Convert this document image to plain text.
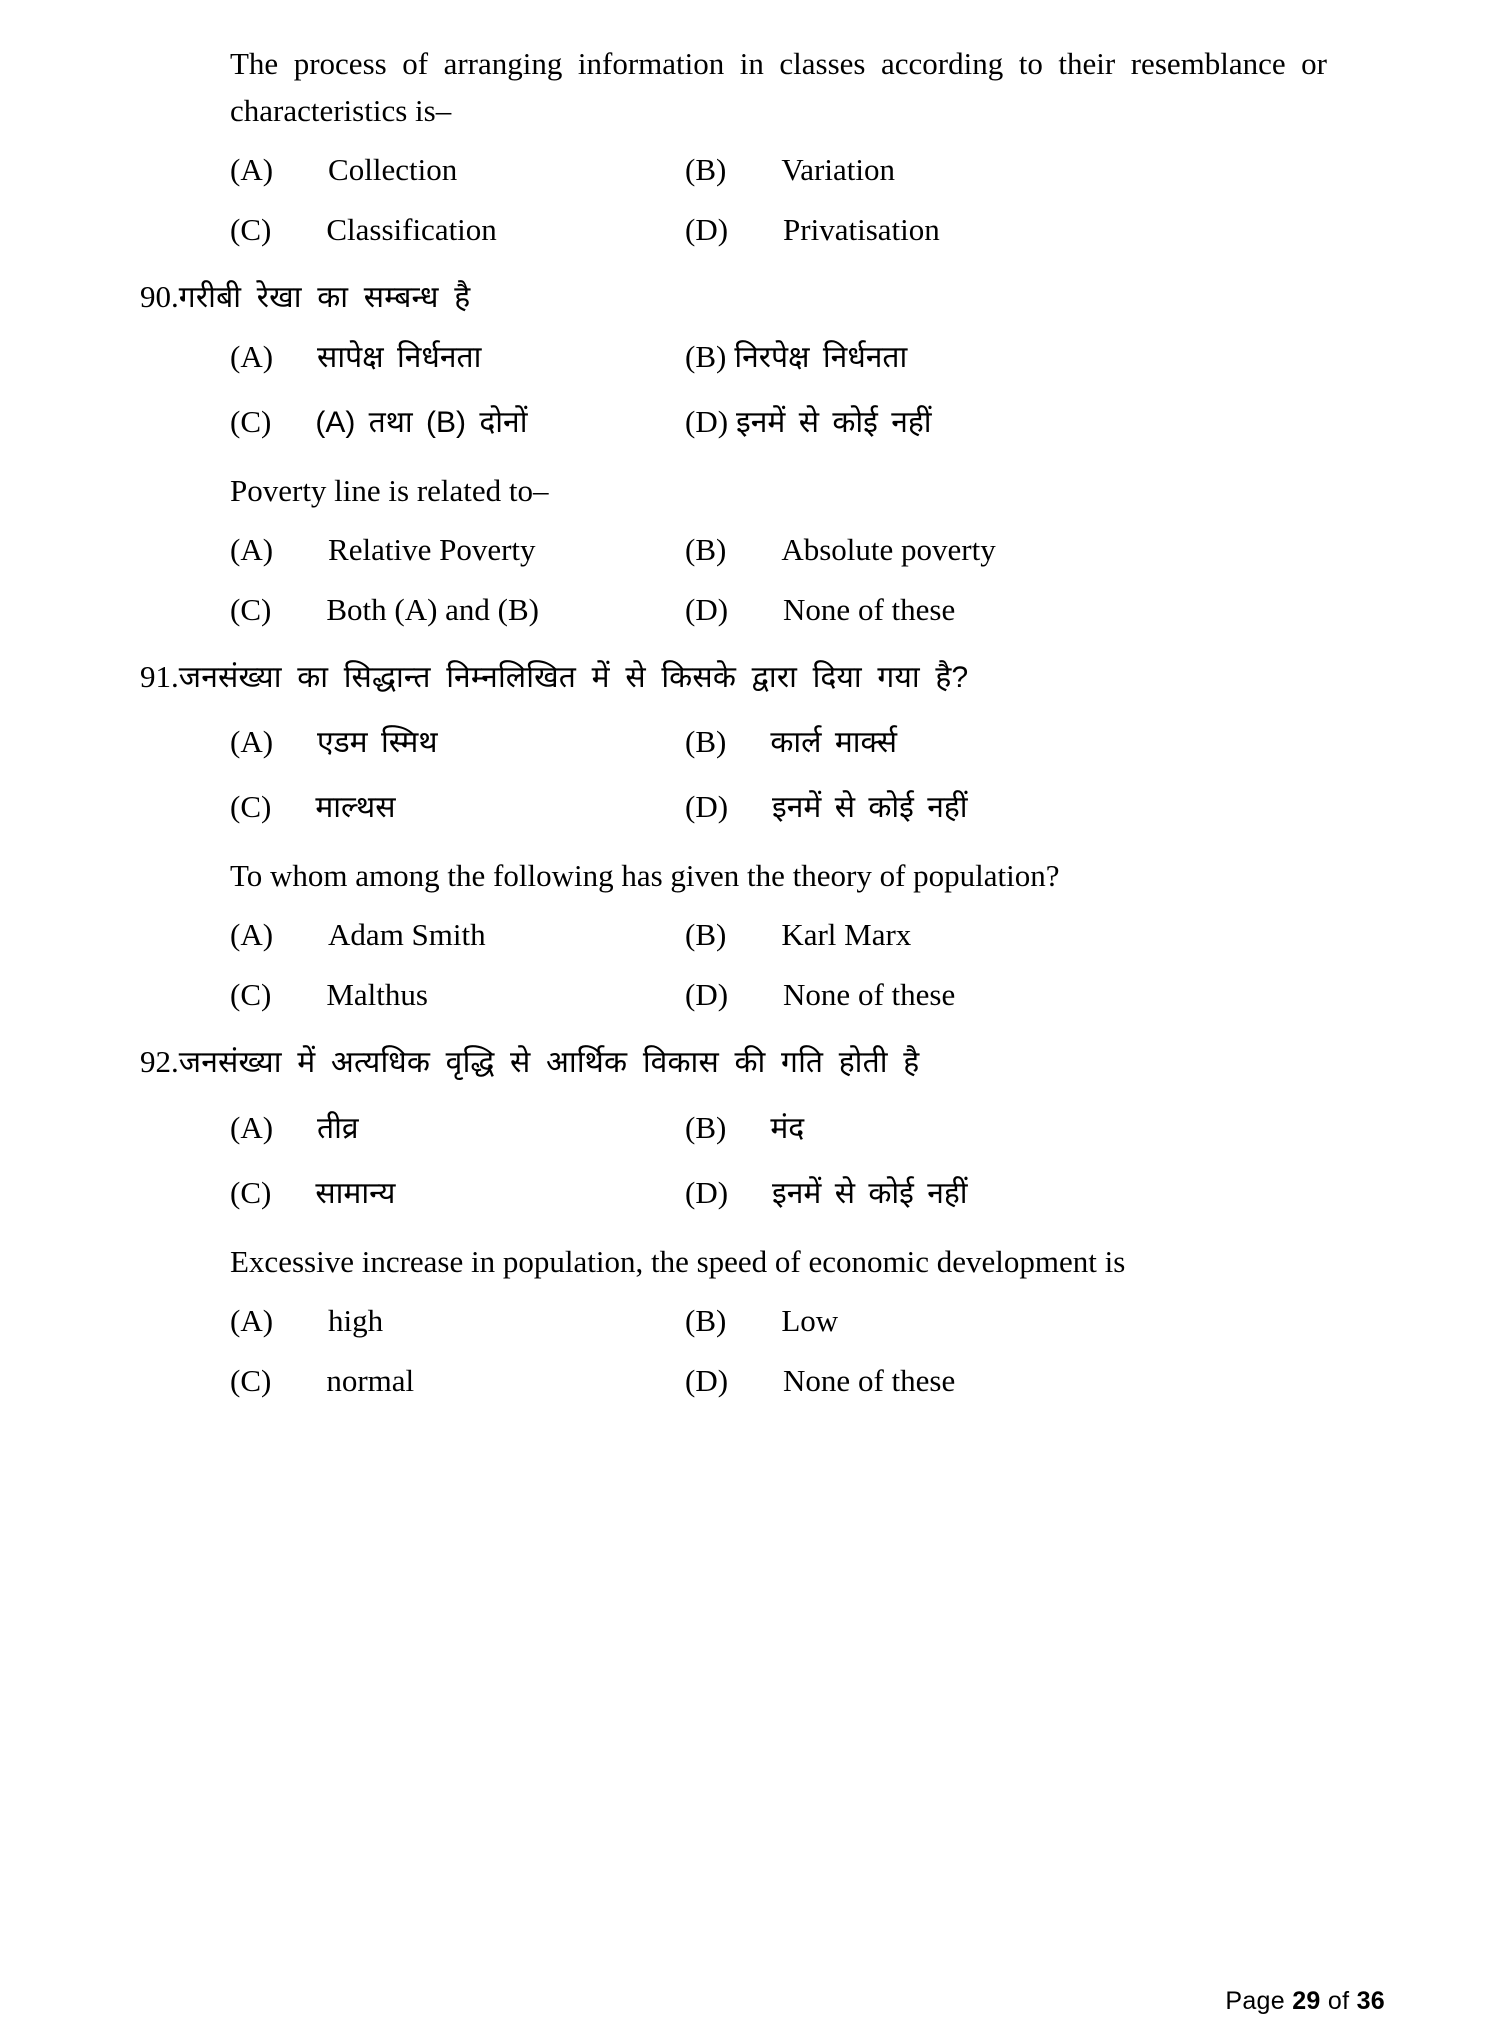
The process of arranging information in classes according to their resemblance or characteristics is–

(A) Collection	(B) Variation
(C) Classification	(D) Privatisation
90. गरीबी रेखा का सम्बन्ध है
(A) सापेक्ष निर्धनता	(B) निरपेक्ष निर्धनता
(C) (A) तथा (B) दोनों	(D) इनमें से कोई नहीं

Poverty line is related to–

(A) Relative Poverty	(B) Absolute poverty
(C) Both (A) and (B)	(D) None of these
91. जनसंख्या का सिद्धान्त निम्नलिखित में से किसके द्वारा दिया गया है?
(A) एडम स्मिथ	(B) कार्ल मार्क्स
(C) माल्थस	(D) इनमें से कोई नहीं

To whom among the following has given the theory of population?

(A) Adam Smith	(B) Karl Marx
(C) Malthus	(D) None of these
92. जनसंख्या में अत्यधिक वृद्धि से आर्थिक विकास की गति होती है
(A) तीव्र	(B) मंद
(C) सामान्य	(D) इनमें से कोई नहीं

Excessive increase in population, the speed of economic development is

(A) high	(B) Low
(C) normal	(D) None of these
Page 29 of 36
